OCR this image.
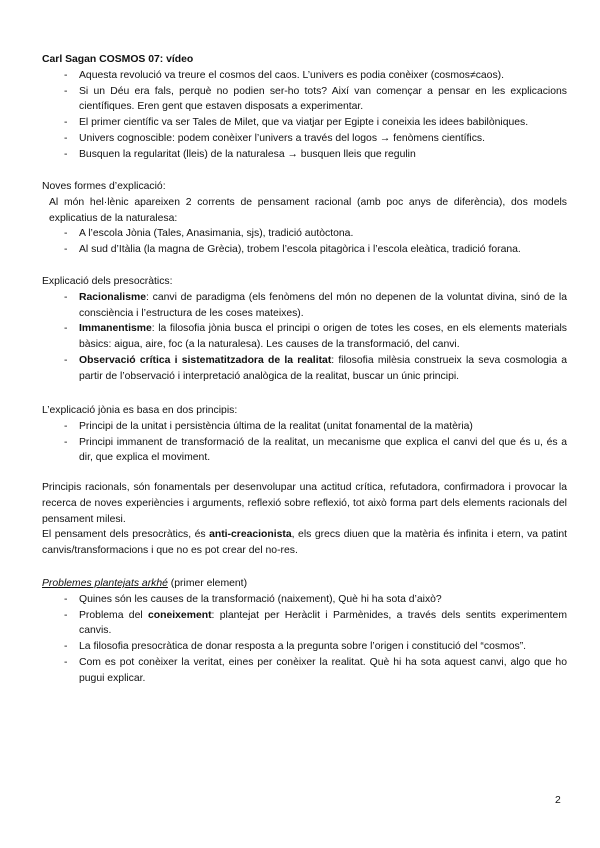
Carl Sagan COSMOS 07: vídeo

- Aquesta revolució va treure el cosmos del caos. L’univers es podia conèixer (cosmos≠caos).
- Si un Déu era fals, perquè no podien ser-ho tots? Així van començar a pensar en les explicacions científiques. Eren gent que estaven disposats a experimentar.
- El primer científic va ser Tales de Milet, que va viatjar per Egipte i coneixia les idees babilòniques.
- Univers cognoscible: podem conèixer l’univers a través del logos → fenòmens científics.
- Busquen la regularitat (lleis) de la naturalesa → busquen lleis que regulin

Noves formes d’explicació:

Al món hel·lènic apareixen 2 corrents de pensament racional (amb poc anys de diferència), dos models explicatius de la naturalesa:

- A l’escola Jònia (Tales, Anasimania, sjs), tradició autòctona.
- Al sud d’Itàlia (la magna de Grècia), trobem l’escola pitagòrica i l’escola eleàtica, tradició forana.

Explicació dels presocràtics:

- Racionalisme: canvi de paradigma (els fenòmens del món no depenen de la voluntat divina, sinó de la consciència i l’estructura de les coses mateixes).
- Immanentisme: la filosofia jònia busca el principi o origen de totes les coses, en els elements materials bàsics: aigua, aire, foc (a la naturalesa). Les causes de la transformació, del canvi.
- Observació crítica i sistematitzadora de la realitat: filosofia milèsia construeix la seva cosmologia a partir de l’observació i interpretació analògica de la realitat, buscar un únic principi.

L’explicació jònia es basa en dos principis:

- Principi de la unitat i persistència última de la realitat (unitat fonamental de la matèria)
- Principi immanent de transformació de la realitat, un mecanisme que explica el canvi del que és u, és a dir, que explica el moviment.

Principis racionals, són fonamentals per desenvolupar una actitud crítica, refutadora, confirmadora i provocar la recerca de noves experiències i arguments, reflexió sobre reflexió, tot això forma part dels elements racionals del pensament milesi.

El pensament dels presocràtics, és anti-creacionista, els grecs diuen que la matèria és infinita i etern, va patint canvis/transformacions i que no es pot crear del no-res.

Problemes plantejats arkhé (primer element)

- Quines són les causes de la transformació (naixement), Què hi ha sota d’això?
- Problema del coneixement: plantejat per Heràclit i Parmènides, a través dels sentits experimentem canvis.
- La filosofia presocràtica de donar resposta a la pregunta sobre l’origen i constitució del “cosmos”.
- Com es pot conèixer la veritat, eines per conèixer la realitat. Què hi ha sota aquest canvi, algo que ho pugui explicar.
2
